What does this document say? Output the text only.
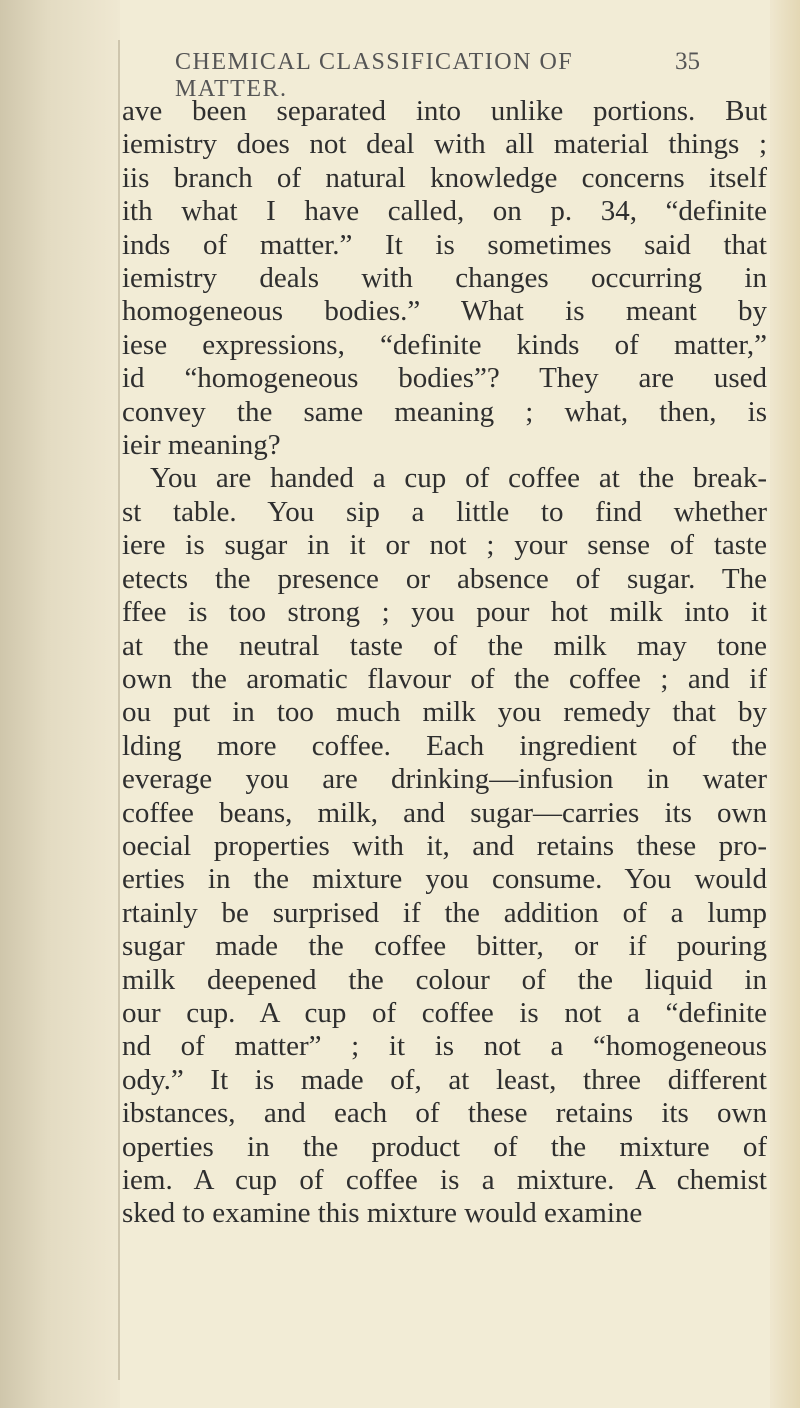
CHEMICAL CLASSIFICATION OF MATTER.
35
ave been separated into unlike portions. But
iemistry does not deal with all material things ;
iis branch of natural knowledge concerns itself
ith what I have called, on p. 34, “definite
inds of matter.” It is sometimes said that
iemistry deals with changes occurring in
homogeneous bodies.” What is meant by
iese expressions, “definite kinds of matter,”
id “homogeneous bodies”? They are used
convey the same meaning ; what, then, is
ieir meaning?
You are handed a cup of coffee at the break-
st table. You sip a little to find whether
iere is sugar in it or not ; your sense of taste
etects the presence or absence of sugar. The
ffee is too strong ; you pour hot milk into it
at the neutral taste of the milk may tone
own the aromatic flavour of the coffee ; and if
ou put in too much milk you remedy that by
lding more coffee. Each ingredient of the
everage you are drinking—infusion in water
coffee beans, milk, and sugar—carries its own
oecial properties with it, and retains these pro-
erties in the mixture you consume. You would
rtainly be surprised if the addition of a lump
sugar made the coffee bitter, or if pouring
milk deepened the colour of the liquid in
our cup. A cup of coffee is not a “definite
nd of matter” ; it is not a “homogeneous
ody.” It is made of, at least, three different
ibstances, and each of these retains its own
operties in the product of the mixture of
iem. A cup of coffee is a mixture. A chemist
sked to examine this mixture would examine
